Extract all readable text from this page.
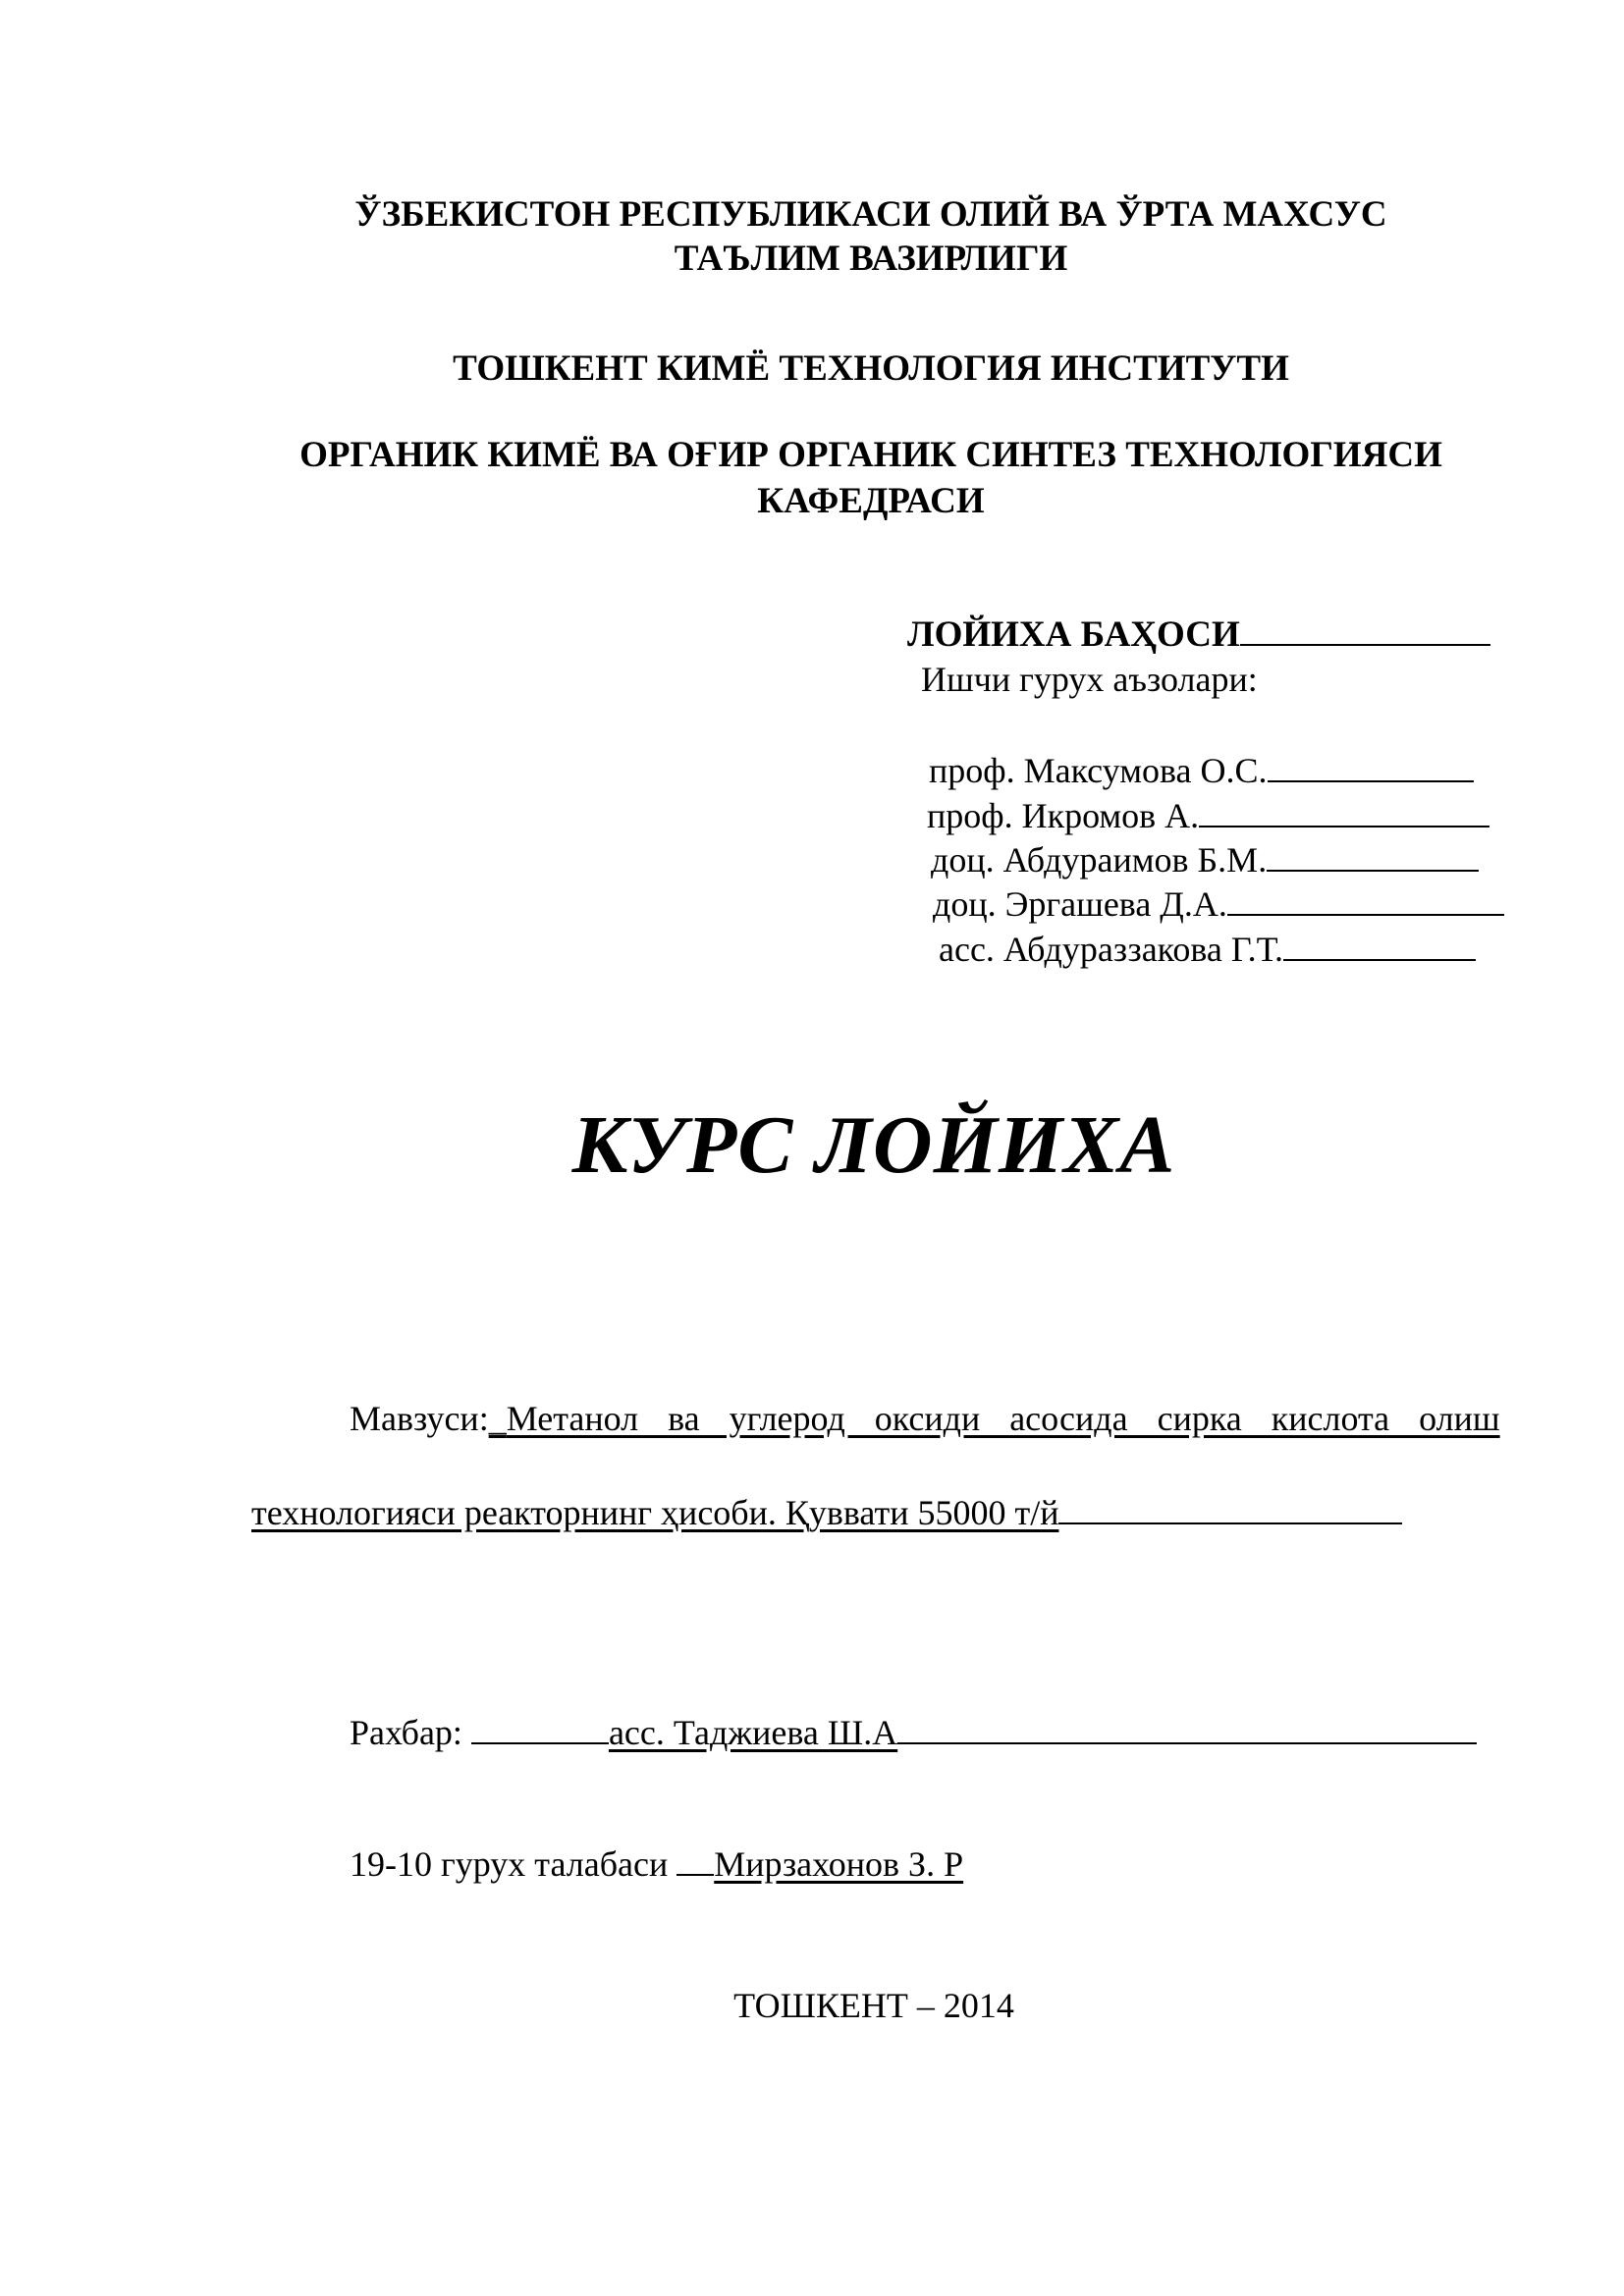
ЎЗБЕКИСТОН РЕСПУБЛИКАСИ ОЛИЙ ВА ЎРТА МАХСУС
ТАЪЛИМ ВАЗИРЛИГИ
ТОШКЕНТ КИМЁ ТЕХНОЛОГИЯ ИНСТИТУТИ
ОРГАНИК КИМЁ ВА ОҒИР ОРГАНИК СИНТЕЗ ТЕХНОЛОГИЯСИ
КАФЕДРАСИ
ЛОЙИХА БАҲОСИ
Ишчи гурух аъзолари:

проф. Максумова О.С.

проф. Икромов А.

доц. Абдураимов Б.М.

доц. Эргашева Д.А.

асс. Абдураззакова Г.Т.

КУРС ЛОЙИХА

Мавзуси:_Метанол  ва  углерод  оксиди  асосида  сирка  кислота  олиш

технологияси реакторнинг ҳисоби. Қуввати 55000 т/й

Рахбар:	асс. Таджиева Ш.А

19-10 гурух талабаси Мирзахонов З. Р

ТОШКЕНТ – 2014
